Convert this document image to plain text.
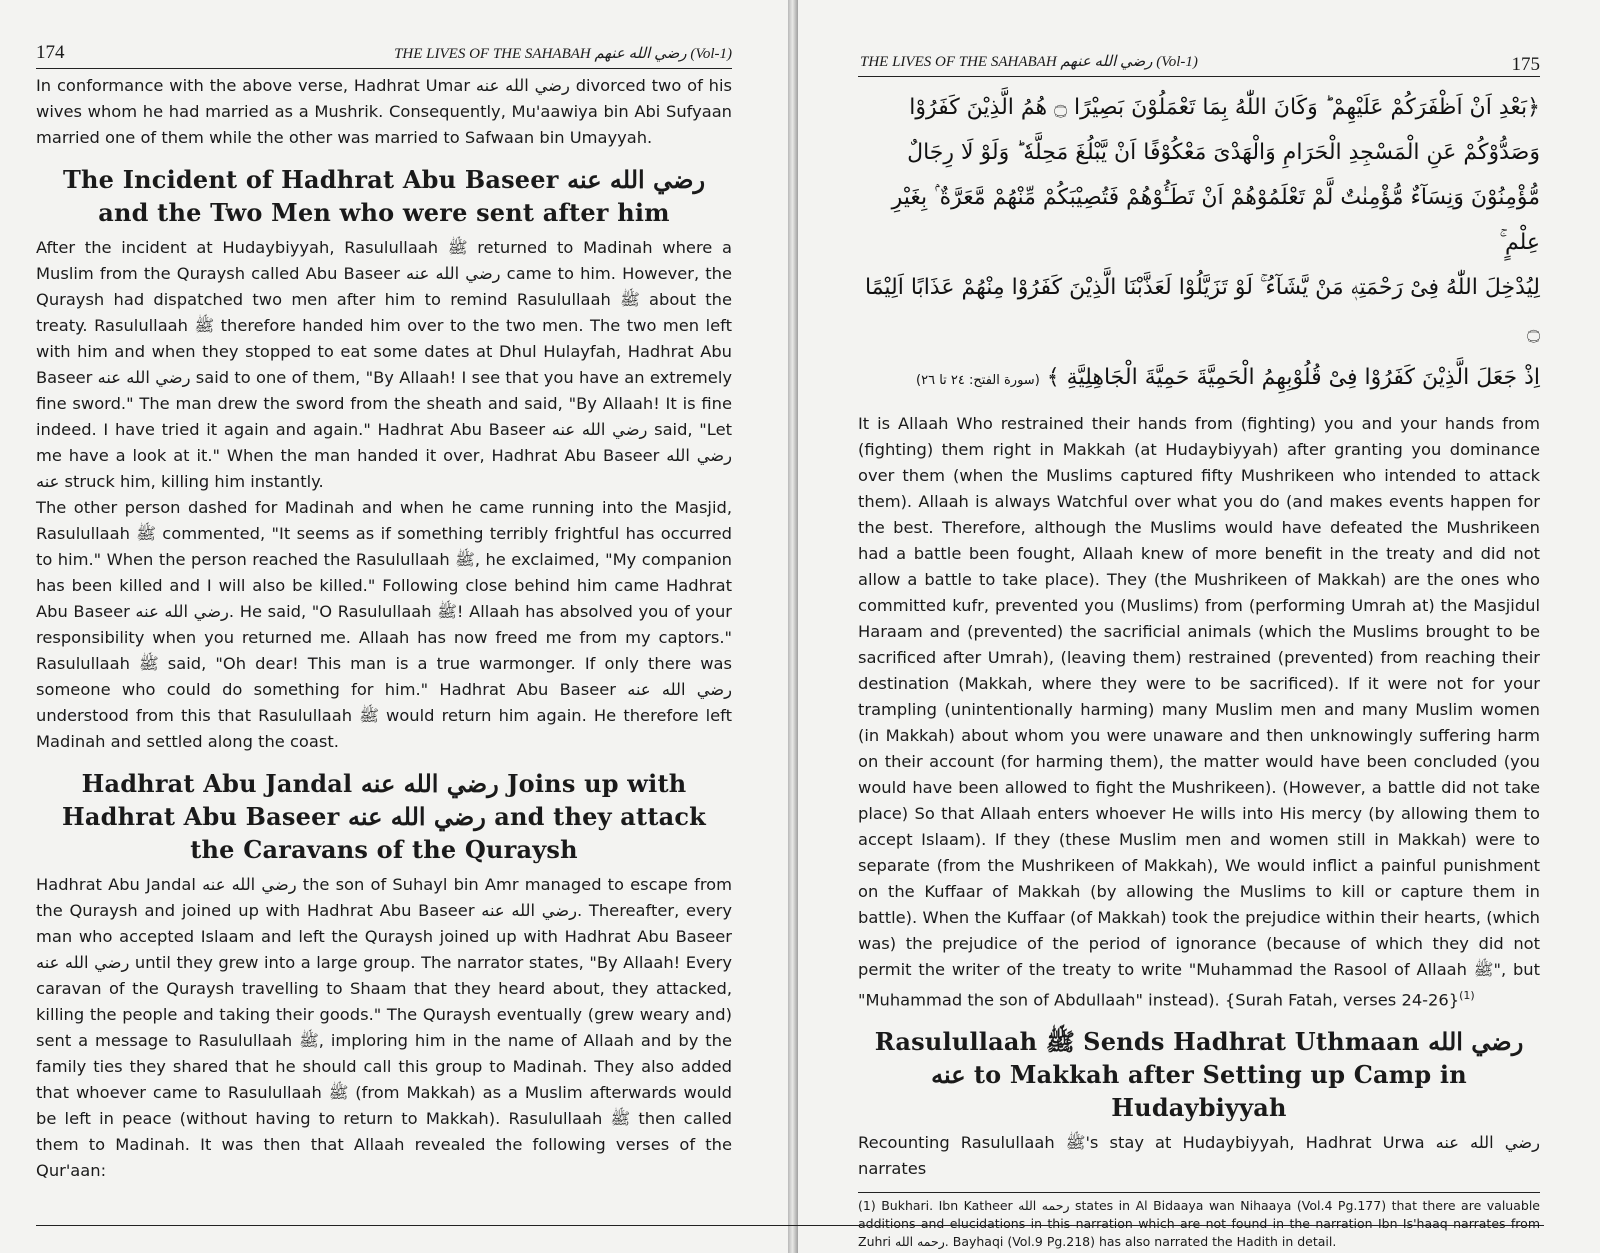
174	THE LIVES OF THE SAHABAH رضي الله عنهم (Vol-1)

In conformance with the above verse, Hadhrat Umar رضي الله عنه divorced two of his wives whom he had married as a Mushrik. Consequently, Mu'aawiya bin Abi Sufyaan married one of them while the other was married to Safwaan bin Umayyah.

The Incident of Hadhrat Abu Baseer رضي الله عنه and the Two Men who were sent after him

After the incident at Hudaybiyyah, Rasulullaah ﷺ returned to Madinah where a Muslim from the Quraysh called Abu Baseer رضي الله عنه came to him. However, the Quraysh had dispatched two men after him to remind Rasulullaah ﷺ about the treaty. Rasulullaah ﷺ therefore handed him over to the two men. The two men left with him and when they stopped to eat some dates at Dhul Hulayfah, Hadhrat Abu Baseer رضي الله عنه said to one of them, "By Allaah! I see that you have an extremely fine sword." The man drew the sword from the sheath and said, "By Allaah! It is fine indeed. I have tried it again and again." Hadhrat Abu Baseer رضي الله عنه said, "Let me have a look at it." When the man handed it over, Hadhrat Abu Baseer رضي الله عنه struck him, killing him instantly.

The other person dashed for Madinah and when he came running into the Masjid, Rasulullaah ﷺ commented, "It seems as if something terribly frightful has occurred to him." When the person reached the Rasulullaah ﷺ, he exclaimed, "My companion has been killed and I will also be killed." Following close behind him came Hadhrat Abu Baseer رضي الله عنه. He said, "O Rasulullaah ﷺ! Allaah has absolved you of your responsibility when you returned me. Allaah has now freed me from my captors." Rasulullaah ﷺ said, "Oh dear! This man is a true warmonger. If only there was someone who could do something for him." Hadhrat Abu Baseer رضي الله عنه understood from this that Rasulullaah ﷺ would return him again. He therefore left Madinah and settled along the coast.

Hadhrat Abu Jandal رضي الله عنه Joins up with Hadhrat Abu Baseer رضي الله عنه and they attack the Caravans of the Quraysh

Hadhrat Abu Jandal رضي الله عنه the son of Suhayl bin Amr managed to escape from the Quraysh and joined up with Hadhrat Abu Baseer رضي الله عنه. Thereafter, every man who accepted Islaam and left the Quraysh joined up with Hadhrat Abu Baseer رضي الله عنه until they grew into a large group. The narrator states, "By Allaah! Every caravan of the Quraysh travelling to Shaam that they heard about, they attacked, killing the people and taking their goods." The Quraysh eventually (grew weary and) sent a message to Rasulullaah ﷺ, imploring him in the name of Allaah and by the family ties they shared that he should call this group to Madinah. They also added that whoever came to Rasulullaah ﷺ (from Makkah) as a Muslim afterwards would be left in peace (without having to return to Makkah). Rasulullaah ﷺ then called them to Madinah. It was then that Allaah revealed the following verses of the Qur'aan:

THE LIVES OF THE SAHABAH رضي الله عنهم (Vol-1)	175
﴿بَعْدِ اَنْ اَظْفَرَكُمْ عَلَيْهِمْ ؕ وَكَانَ اللّٰهُ بِمَا تَعْمَلُوْنَ بَصِيْرًا ۝ هُمُ الَّذِيْنَ كَفَرُوْا
وَصَدُّوْكُمْ عَنِ الْمَسْجِدِ الْحَرَامِ وَالْهَدْىَ مَعْكُوْفًا اَنْ يَّبْلُغَ مَحِلَّهٗ ؕ وَلَوْ لَا رِجَالٌ
مُّؤْمِنُوْنَ وَنِسَآءٌ مُّؤْمِنٰتٌ لَّمْ تَعْلَمُوْهُمْ اَنْ تَطَـُٔوْهُمْ فَتُصِيْبَكُمْ مِّنْهُمْ مَّعَرَّةٌ ۢ بِغَيْرِ عِلْمٍ ۚ
لِيُدْخِلَ اللّٰهُ فِىْ رَحْمَتِهٖ مَنْ يَّشَآءُ ۚ لَوْ تَزَيَّلُوْا لَعَذَّبْنَا الَّذِيْنَ كَفَرُوْا مِنْهُمْ عَذَابًا اَلِيْمًا ۝
اِذْ جَعَلَ الَّذِيْنَ كَفَرُوْا فِىْ قُلُوْبِهِمُ الْحَمِيَّةَ حَمِيَّةَ الْجَاهِلِيَّةِ ﴾ (سورة الفتح: ٢٤ تا ٢٦)

It is Allaah Who restrained their hands from (fighting) you and your hands from (fighting) them right in Makkah (at Hudaybiyyah) after granting you dominance over them (when the Muslims captured fifty Mushrikeen who intended to attack them). Allaah is always Watchful over what you do (and makes events happen for the best. Therefore, although the Muslims would have defeated the Mushrikeen had a battle been fought, Allaah knew of more benefit in the treaty and did not allow a battle to take place). They (the Mushrikeen of Makkah) are the ones who committed kufr, prevented you (Muslims) from (performing Umrah at) the Masjidul Haraam and (prevented) the sacrificial animals (which the Muslims brought to be sacrificed after Umrah), (leaving them) restrained (prevented) from reaching their destination (Makkah, where they were to be sacrificed). If it were not for your trampling (unintentionally harming) many Muslim men and many Muslim women (in Makkah) about whom you were unaware and then unknowingly suffering harm on their account (for harming them), the matter would have been concluded (you would have been allowed to fight the Mushrikeen). (However, a battle did not take place) So that Allaah enters whoever He wills into His mercy (by allowing them to accept Islaam). If they (these Muslim men and women still in Makkah) were to separate (from the Mushrikeen of Makkah), We would inflict a painful punishment on the Kuffaar of Makkah (by allowing the Muslims to kill or capture them in battle). When the Kuffaar (of Makkah) took the prejudice within their hearts, (which was) the prejudice of the period of ignorance (because of which they did not permit the writer of the treaty to write "Muhammad the Rasool of Allaah ﷺ", but "Muhammad the son of Abdullaah" instead). {Surah Fatah, verses 24-26}$^{(1)}$

Rasulullaah ﷺ Sends Hadhrat Uthmaan رضي الله عنه to Makkah after Setting up Camp in Hudaybiyyah

Recounting Rasulullaah ﷺ's stay at Hudaybiyyah, Hadhrat Urwa رضي الله عنه narrates

(1) Bukhari. Ibn Katheer رحمه الله states in Al Bidaaya wan Nihaaya (Vol.4 Pg.177) that there are valuable additions and elucidations in this narration which are not found in the narration Ibn Is'haaq narrates from Zuhri رحمه الله. Bayhaqi (Vol.9 Pg.218) has also narrated the Hadith in detail.
